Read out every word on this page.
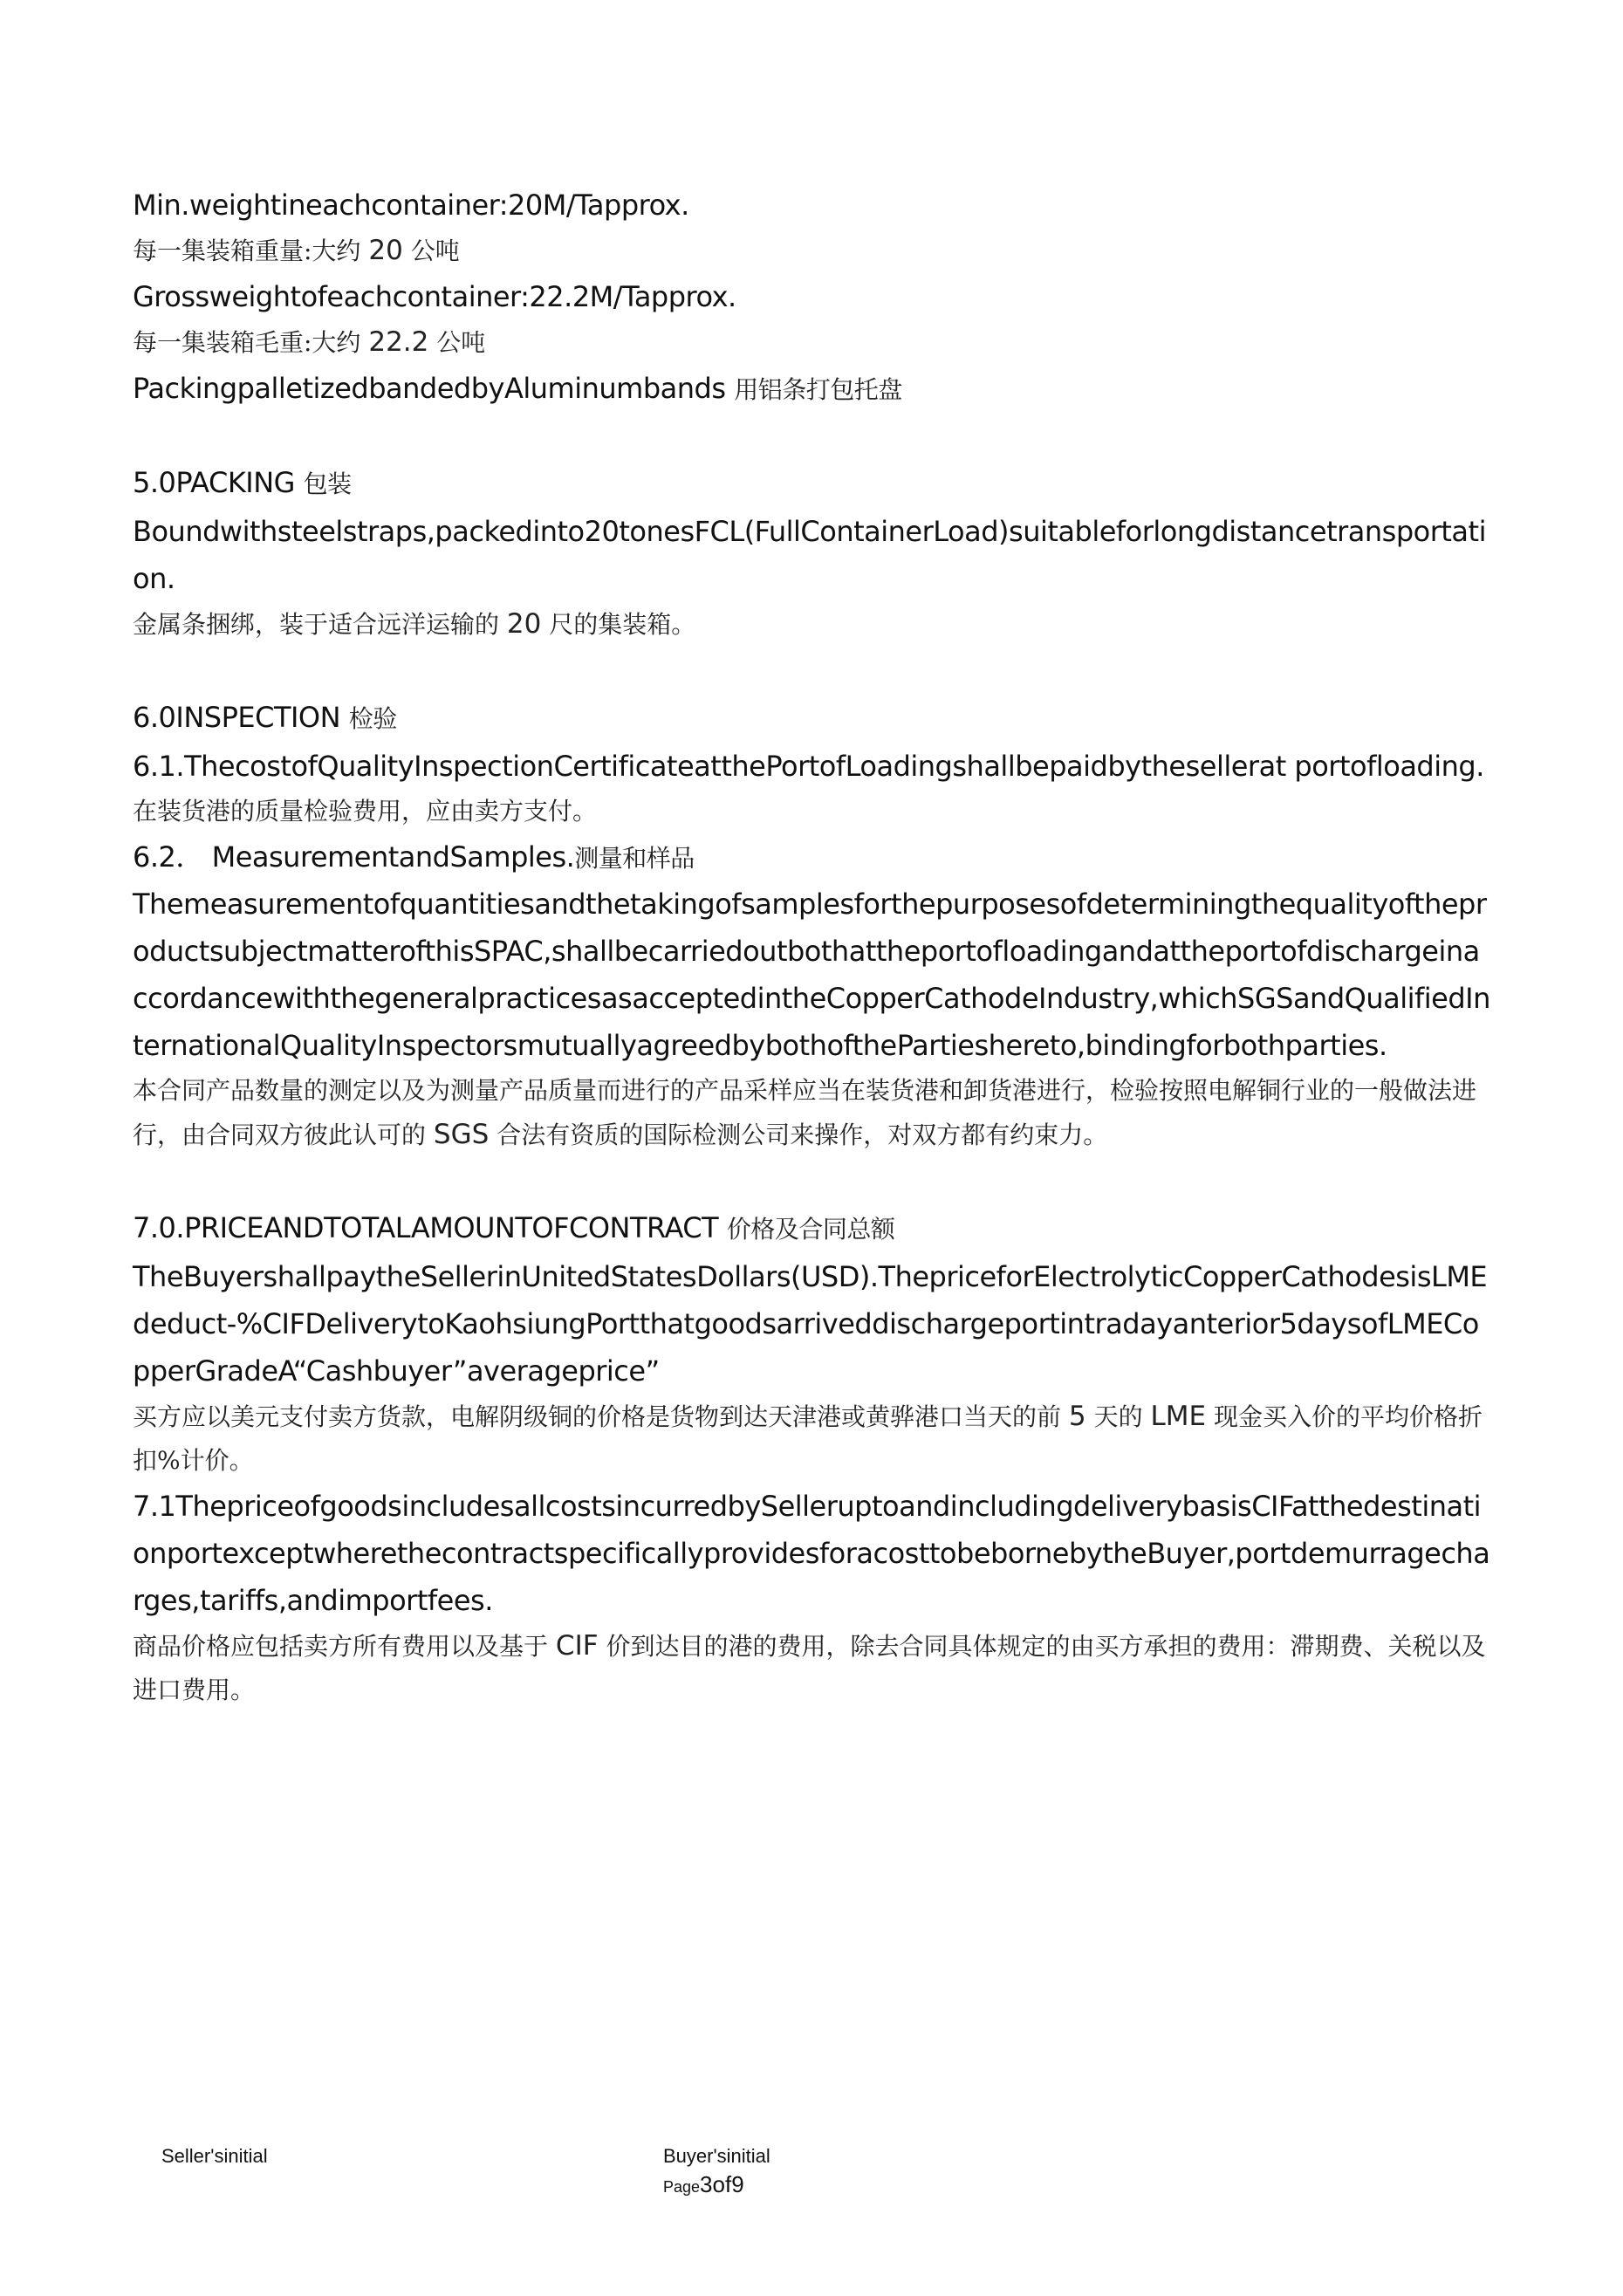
Min.weightineachcontainer:20M/Tapprox.
每一集装箱重量:大约 20 公吨
Grossweightofeachcontainer:22.2M/Tapprox.
每一集装箱毛重:大约 22.2 公吨
PackingpalletizedbandedbyAluminumbands 用铝条打包托盘
5.0PACKING 包装
Boundwithsteelstraps,packedinto20tonesFCL(FullContainerLoad)suitableforlongdistancetransportation.
金属条捆绑，装于适合远洋运输的 20 尺的集装箱。
6.0INSPECTION 检验
6.1.ThecostofQualityInspectionCertificateatthePortofLoadingshallbepaidbythesellerat portofloading.
在装货港的质量检验费用，应由卖方支付。
6.2． MeasurementandSamples.测量和样品
ThemeasurementofquantitiesandthetakingofsamplesforthepurposesofdeterminingthequalityoftheproductsubjectmatterofthisSPAC,shallbecarriedoutbothattheportofloadingandattheportofdischargeinaccordancewiththegeneralpracticesasacceptedintheCopperCathodeIndustry,whichSGSandQualifiedInternationalQualityInspectorsmutuallyagreedbybothofthePartieshereto,bindingforbothparties.
本合同产品数量的测定以及为测量产品质量而进行的产品采样应当在装货港和卸货港进行，检验按照电解铜行业的一般做法进行，由合同双方彼此认可的 SGS 合法有资质的国际检测公司来操作，对双方都有约束力。
7.0.PRICEANDTOTALAMOUNTOFCONTRACT 价格及合同总额
TheBuyershallpaytheSellerinUnitedStatesDollars(USD).ThepriceforElectrolyticCopperCathodesisLMEdeduct-%CIFDeliverytoKaohsiungPortthatgoodsarriveddischargeportintradayanterior5daysofLMECopperGradeA“Cashbuyer”averageprice”
买方应以美元支付卖方货款，电解阴级铜的价格是货物到达天津港或黄骅港口当天的前 5 天的 LME 现金买入价的平均价格折扣%计价。
7.1ThepriceofgoodsincludesallcostsincurredbySelleruptoandincludingdeliverybasisCIFatthedestinationportexceptwherethecontractspecificallyprovidesforacosttobebornebytheBuyer,portdemurragecharges,tariffs,andimportfees.
商品价格应包括卖方所有费用以及基于 CIF 价到达目的港的费用，除去合同具体规定的由买方承担的费用：滞期费、关税以及进口费用。
Seller'sinitial	Buyer'sinitial
Page3of9
